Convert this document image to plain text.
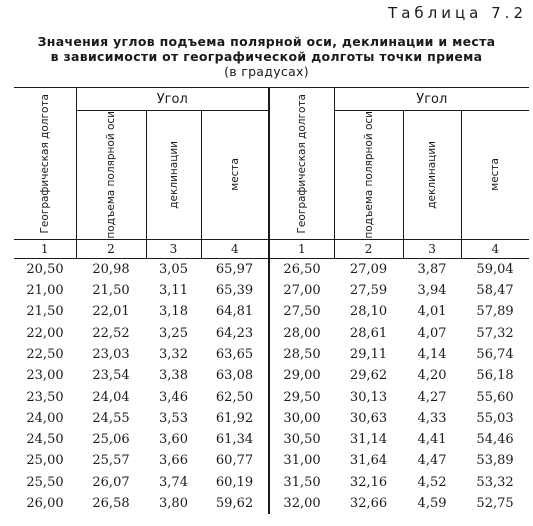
Таблица 7.2
Значения углов подъема полярной оси, деклинации и места
в зависимости от географической долготы точки приема

(в градусах)
Географическая долгота	Угол			Географическая долгота	Угол		

	подъема полярной оси	деклинации	места		подъема полярной оси	деклинации	места

1	2	3	4	1	2	3	4
20,50	20,98	3,05	65,97	26,50	27,09	3,87	59,04
21,00	21,50	3,11	65,39	27,00	27,59	3,94	58,47
21,50	22,01	3,18	64,81	27,50	28,10	4,01	57,89
22,00	22,52	3,25	64,23	28,00	28,61	4,07	57,32
22,50	23,03	3,32	63,65	28,50	29,11	4,14	56,74
23,00	23,54	3,38	63,08	29,00	29,62	4,20	56,18
23,50	24,04	3,46	62,50	29,50	30,13	4,27	55,60
24,00	24,55	3,53	61,92	30,00	30,63	4,33	55,03
24,50	25,06	3,60	61,34	30,50	31,14	4,41	54,46
25,00	25,57	3,66	60,77	31,00	31,64	4,47	53,89
25,50	26,07	3,74	60,19	31,50	32,16	4,52	53,32
26,00	26,58	3,80	59,62	32,00	32,66	4,59	52,75
